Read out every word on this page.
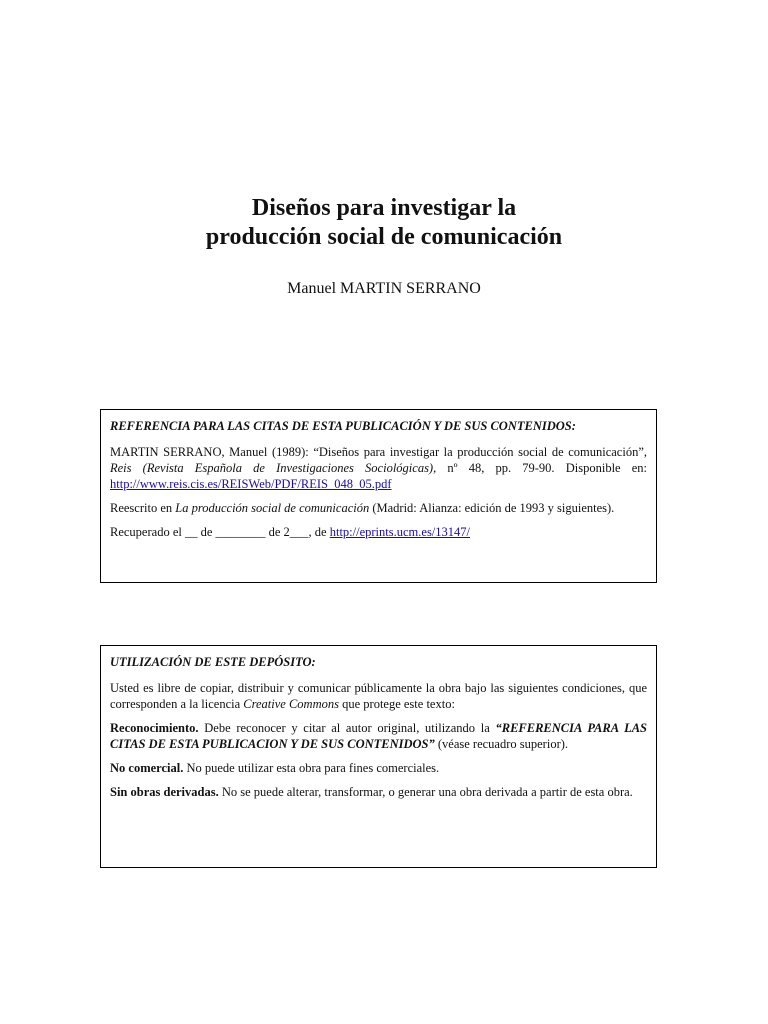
Diseños para investigar la
producción social de comunicación
Manuel MARTIN SERRANO

REFERENCIA PARA LAS CITAS DE ESTA PUBLICACIÓN Y DE SUS CONTENIDOS:

MARTIN SERRANO, Manuel (1989): “Diseños para investigar la producción social de comunicación”, Reis (Revista Española de Investigaciones Sociológicas), nº 48, pp. 79-90. Disponible en: http://www.reis.cis.es/REISWeb/PDF/REIS_048_05.pdf

Reescrito en La producción social de comunicación (Madrid: Alianza: edición de 1993 y siguientes).

Recuperado el __ de ________ de 2___, de http://eprints.ucm.es/13147/

UTILIZACIÓN DE ESTE DEPÓSITO:

Usted es libre de copiar, distribuir y comunicar públicamente la obra bajo las siguientes condiciones, que corresponden a la licencia Creative Commons que protege este texto:

Reconocimiento. Debe reconocer y citar al autor original, utilizando la “REFERENCIA PARA LAS CITAS DE ESTA PUBLICACION Y DE SUS CONTENIDOS” (véase recuadro superior).

No comercial. No puede utilizar esta obra para fines comerciales.

Sin obras derivadas. No se puede alterar, transformar, o generar una obra derivada a partir de esta obra.
